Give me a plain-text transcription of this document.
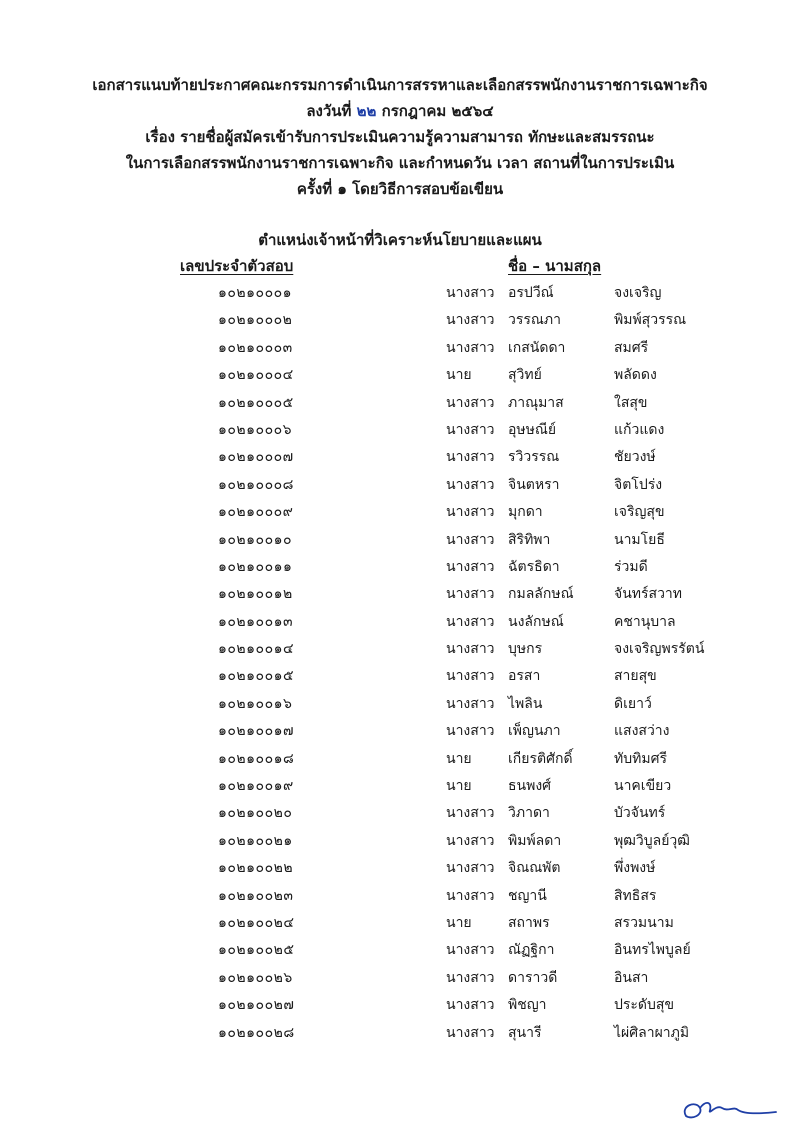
เอกสารแนบท้ายประกาศคณะกรรมการดำเนินการสรรหาและเลือกสรรพนักงานราชการเฉพาะกิจ
ลงวันที่ ๒๒ กรกฎาคม ๒๕๖๔
เรื่อง รายชื่อผู้สมัครเข้ารับการประเมินความรู้ความสามารถ ทักษะและสมรรถนะ
ในการเลือกสรรพนักงานราชการเฉพาะกิจ และกำหนดวัน เวลา สถานที่ในการประเมิน
ครั้งที่ ๑ โดยวิธีการสอบข้อเขียน
ตำแหน่งเจ้าหน้าที่วิเคราะห์นโยบายและแผน
เลขประจำตัวสอบ	ชื่อ – นามสกุล
๑๐๒๑๐๐๐๑	นางสาว อรปวีณ์	จงเจริญ
๑๐๒๑๐๐๐๒	นางสาว วรรณภา	พิมพ์สุวรรณ
๑๐๒๑๐๐๐๓	นางสาว เกสนัดดา	สมศรี
๑๐๒๑๐๐๐๔	นาย	สุวิทย์	พลัดดง
๑๐๒๑๐๐๐๕	นางสาว ภาณุมาส	ใสสุข
๑๐๒๑๐๐๐๖	นางสาว อุษษณีย์	แก้วแดง
๑๐๒๑๐๐๐๗	นางสาว รวิวรรณ	ชัยวงษ์
๑๐๒๑๐๐๐๘	นางสาว จินตหรา	จิตโปร่ง
๑๐๒๑๐๐๐๙	นางสาว มุกดา	เจริญสุข
๑๐๒๑๐๐๑๐	นางสาว สิริทิพา	นามโยธี
๑๐๒๑๐๐๑๑	นางสาว ฉัตรธิดา	ร่วมดี
๑๐๒๑๐๐๑๒	นางสาว กมลลักษณ์	จันทร์สวาท
๑๐๒๑๐๐๑๓	นางสาว นงลักษณ์	คชานุบาล
๑๐๒๑๐๐๑๔	นางสาว บุษกร	จงเจริญพรรัตน์
๑๐๒๑๐๐๑๕	นางสาว อรสา	สายสุข
๑๐๒๑๐๐๑๖	นางสาว ไพลิน	ดิเยาว์
๑๐๒๑๐๐๑๗	นางสาว เพ็ญนภา	แสงสว่าง
๑๐๒๑๐๐๑๘	นาย	เกียรติศักดิ์	ทับทิมศรี
๑๐๒๑๐๐๑๙	นาย	ธนพงศ์	นาคเขียว
๑๐๒๑๐๐๒๐	นางสาว วิภาดา	บัวจันทร์
๑๐๒๑๐๐๒๑	นางสาว พิมพ์ลดา	พุฒวิบูลย์วุฒิ
๑๐๒๑๐๐๒๒	นางสาว จิณณพัต	พึ่งพงษ์
๑๐๒๑๐๐๒๓	นางสาว ชญานี	สิทธิสร
๑๐๒๑๐๐๒๔	นาย	สถาพร	สรวมนาม
๑๐๒๑๐๐๒๕	นางสาว ณัฏฐิกา	อินทรไพบูลย์
๑๐๒๑๐๐๒๖	นางสาว ดาราวดี	อินสา
๑๐๒๑๐๐๒๗	นางสาว พิชญา	ประดับสุข
๑๐๒๑๐๐๒๘	นางสาว สุนารี	ไผ่ศิลาผาภูมิ
